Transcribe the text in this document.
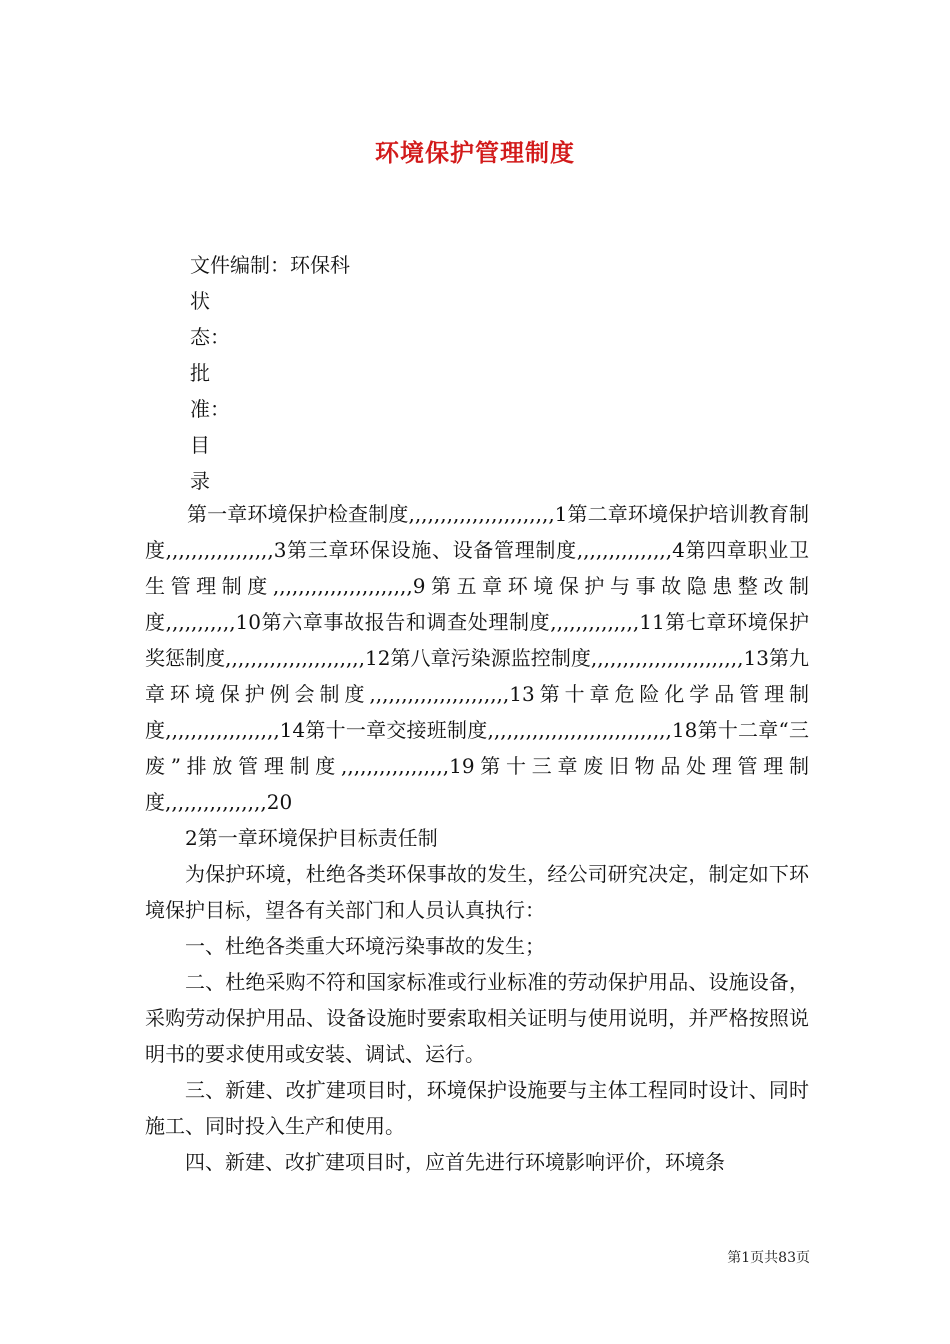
环境保护管理制度
文件编制：环保科
状
态：
批
准：
目
录

第一章环境保护检查制度,,,,,,,,,,,,,,,,,,,,,,,1第二章环境保护培训教育制度,,,,,,,,,,,,,,,,,3第三章环保设施、设备管理制度,,,,,,,,,,,,,,,4第四章职业卫生管理制度,,,,,,,,,,,,,,,,,,,,,,9第五章环境保护与事故隐患整改制度,,,,,,,,,,,10第六章事故报告和调查处理制度,,,,,,,,,,,,,,11第七章环境保护奖惩制度,,,,,,,,,,,,,,,,,,,,,,12第八章污染源监控制度,,,,,,,,,,,,,,,,,,,,,,,,13第九章环境保护例会制度,,,,,,,,,,,,,,,,,,,,,,13第十章危险化学品管理制度,,,,,,,,,,,,,,,,,,14第十一章交接班制度,,,,,,,,,,,,,,,,,,,,,,,,,,,,,18第十二章“三废”排放管理制度,,,,,,,,,,,,,,,,,19第十三章废旧物品处理管理制度,,,,,,,,,,,,,,,,20

2第一章环境保护目标责任制

为保护环境，杜绝各类环保事故的发生，经公司研究决定，制定如下环境保护目标，望各有关部门和人员认真执行：

一、杜绝各类重大环境污染事故的发生；

二、杜绝采购不符和国家标准或行业标准的劳动保护用品、设施设备，采购劳动保护用品、设备设施时要索取相关证明与使用说明，并严格按照说明书的要求使用或安装、调试、运行。

三、新建、改扩建项目时，环境保护设施要与主体工程同时设计、同时施工、同时投入生产和使用。

四、新建、改扩建项目时，应首先进行环境影响评价，环境条

第1页共83页
